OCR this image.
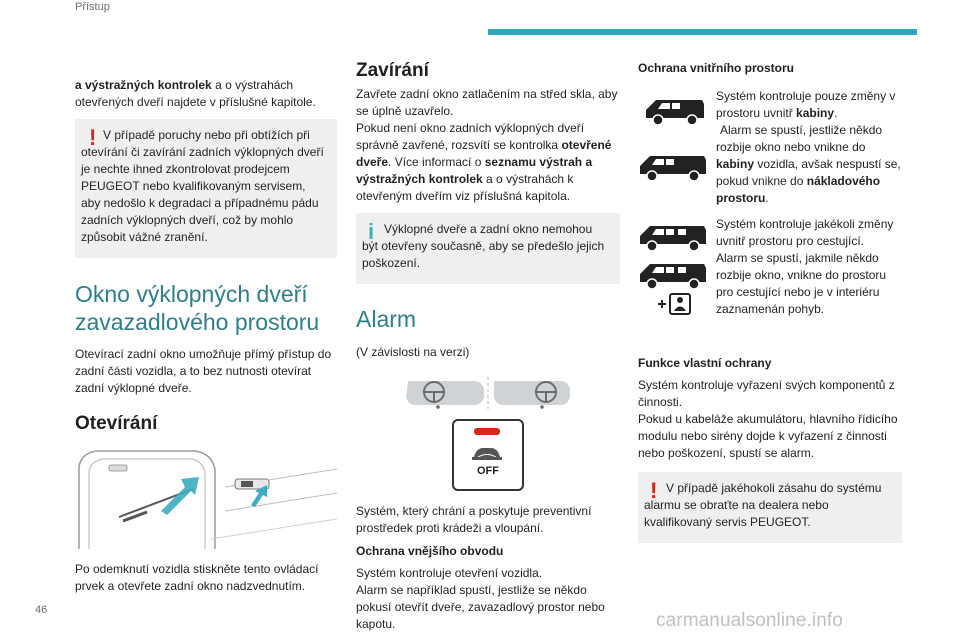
Přístup

a výstražných kontrolek a o výstrahách otevřených dveří najdete v příslušné kapitole.

! V případě poruchy nebo při obtížích při otevírání či zavírání zadních výklopných dveří je nechte ihned zkontrolovat prodejcem PEUGEOT nebo kvalifikovaným servisem, aby nedošlo k degradaci a případnému pádu zadních výklopných dveří, což by mohlo způsobit vážné zranění.

Okno výklopných dveří zavazadlového prostoru

Otevírací zadní okno umožňuje přímý přístup do zadní části vozidla, a to bez nutnosti otevírat zadní výklopné dveře.

Otevírání

Po odemknutí vozidla stiskněte tento ovládací prvek a otevřete zadní okno nadzvednutím.

Zavírání

Zavřete zadní okno zatlačením na střed skla, aby se úplně uzavřelo.

Pokud není okno zadních výklopných dveří správně zavřené, rozsvítí se kontrolka otevřené dveře. Více informací o seznamu výstrah a výstražných kontrolek a o výstrahách k otevřeným dveřím viz příslušná kapitola.

i Výklopné dveře a zadní okno nemohou být otevřeny současně, aby se předešlo jejich poškození.

Alarm

(V závislosti na verzi)

OFF

Systém, který chrání a poskytuje preventivní prostředek proti krádeži a vloupání.

Ochrana vnějšího obvodu

Systém kontroluje otevření vozidla.

Alarm se například spustí, jestliže se někdo pokusí otevřít dveře, zavazadlový prostor nebo kapotu.

Ochrana vnitřního prostoru

Systém kontroluje pouze změny v prostoru uvnitř kabiny.

Alarm se spustí, jestliže někdo rozbije okno nebo vnikne do kabiny vozidla, avšak nespustí se, pokud vnikne do nákladového prostoru.

Systém kontroluje jakékoli změny uvnitř prostoru pro cestující.

Alarm se spustí, jakmile někdo rozbije okno, vnikne do prostoru pro cestující nebo je v interiéru zaznamenán pohyb.

Funkce vlastní ochrany

Systém kontroluje vyřazení svých komponentů z činnosti.

Pokud u kabeláže akumulátoru, hlavního řídicího modulu nebo sirény dojde k vyřazení z činnosti nebo poškození, spustí se alarm.

! V případě jakéhokoli zásahu do systému alarmu se obraťte na dealera nebo kvalifikovaný servis PEUGEOT.

46	carmanualsonline.info
